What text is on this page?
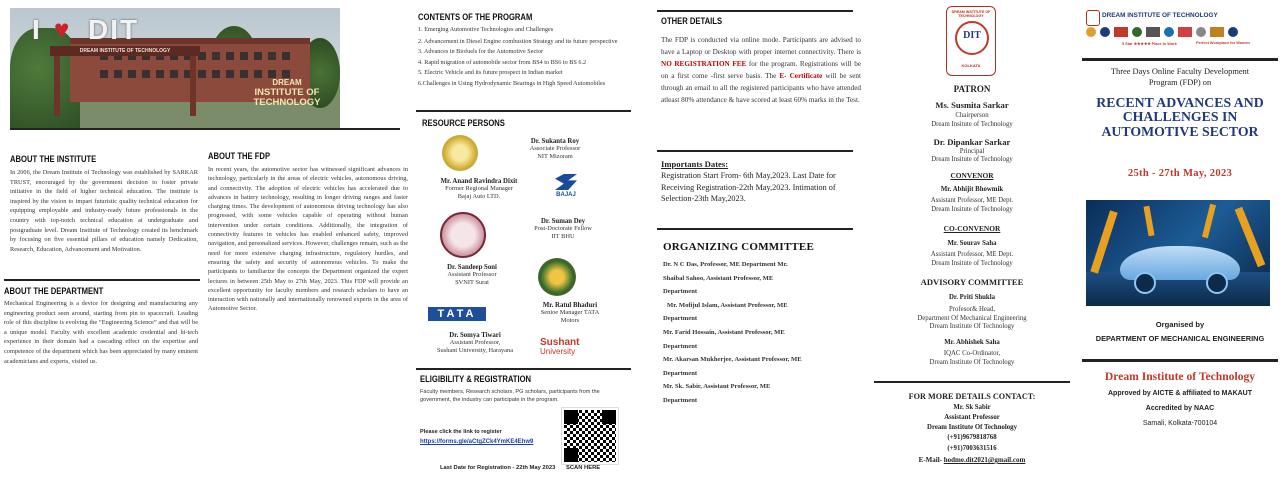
DREAM INSTITUTE OF TECHNOLOGY
I ♥ DIT
DREAM
INSTITUTE OF
TECHNOLOGY
ABOUT THE INSTITUTE
In 2006, the Dream Institute of Technology was established by SARKAR TRUST, encouraged by the government decision to foster private initiative in the field of higher technical education. The institute is inspired by the vision to impart futuristic quality technical education for equipping employable and industry-ready future professionals in the country with top-notch technical education at undergraduate and postgraduate level. Dream Institute of Technology created its benchmark by focusing on five essential pillars of education namely Dedication, Research, Education, Advancement and Motivation.
ABOUT THE DEPARTMENT
Mechanical Engineering is a device for designing and manufacturing any engineering product seen around, starting from pin to spacecraft. Leading role of this discipline is evolving the “Engineering Science” and that will be a unique model. Faculty with excellent academic credential and hi-tech experience in their domain had a cascading effect on the expertise and competence of the department which has been appreciated by many eminent academicians and experts, visited us.
ABOUT THE FDP
In recent years, the automotive sector has witnessed significant advances in technology, particularly in the areas of electric vehicles, autonomous driving, and connectivity. The adoption of electric vehicles has accelerated due to advances in battery technology, resulting in longer driving ranges and faster charging times. The development of autonomous driving technology has also progressed, with some vehicles capable of operating without human intervention under certain conditions. Additionally, the integration of connectivity features in vehicles has enabled enhanced safety, improved navigation, and personalized services. However, challenges remain, such as the need for more extensive charging infrastructure, regulatory hurdles, and ensuring the safety and security of autonomous vehicles. To make the participants to familiarize the concepts the Department organized the expert lectures in between 25th May to 27th May, 2023. This FDP will provide an excellent opportunity for faculty members and research scholars to have an interaction with nationally and internationally renowned experts in the area of Automotive Sector.
CONTENTS OF THE PROGRAM
1. Emerging Automotive Technologies and Challenges
2. Advancement in Diesel Engine combustion Strategy and its future perspective
3. Advances in Biofuels for the Automotive Sector
4. Rapid migration of automobile sector from BS4 to BS6 to BS 6.2
5. Electric Vehicle and its future prospect in Indian market
6.Challenges in Using Hydrodynamic Bearings in High Speed Automobiles
RESOURCE PERSONS
BAJAJ
TATA
Sushant
University
Dr. Sukanta Roy
Associate Professor
NIT Mizoram
Mr. Anand Ravindra Dixit
Former Regional Manager
Bajaj Auto LTD.
Dr. Suman Dey
Post-Doctorate Fellow
IIT BHU
Dr. Sandeep Soni
Assistant Professor
SVNIT Surat
Mr. Ratul Bhaduri
Senioe Manager TATA
Motors
Dr. Somya Tiwari
Assistant Professor,
Sushant University, Harayana
ELIGIBILITY & REGISTRATION
Faculty members, Research scholars, PG scholars, participants from the government, the industry can participate in the program.
Please click the link to register
https://forms.gle/aCtgZCk4YmKE4Ehw9
Last Date for Registration - 22th May 2023 SCAN HERE
OTHER DETAILS
The FDP is conducted via online mode. Participants are advised to have a Laptop or Desktop with proper internet connectivity. There is NO REGISTRATION FEE for the program. Registrations will be on a first come -first serve basis. The E- Certificate will be sent through an email to all the registered participants who have attended atleast 80% attendance & have scored at least 60% marks in the Test.
Importants Dates:
Registration Start From- 6th May,2023. Last Date for Receiving Registration-22th May,2023. Intimation of Selection-23th May,2023.
ORGANIZING COMMITTEE
Dr. N C Das, Professor, ME Department Mr.
Shaibal Sahoo, Assistant Professor, ME
Department
Mr. Mofijul Islam, Assistant Professor, ME
Department
Mr. Farid Hossain, Assistant Professor, ME
Department
Mr. Akarsan Mukherjee, Assistant Professor, ME
Department
Mr. Sk. Sabir, Assistant Professor, ME
Department
DREAM INSTITUTE OF TECHNOLOGY
DIT
KOLKATA
PATRON
Ms. Susmita Sarkar
Chairperson
Dream Insitute of Technology
Dr. Dipankar Sarkar
Principal
Dream Insitute of Technology
CONVENOR
Mr. Abhijit Bhowmik
Assistant Professor, ME Dept.
Dream Insitute of Technology
CO-CONVENOR
Mr. Sourav Saha
Assistant Professor, ME Dept.
Dream Insitute of Technology
ADVISORY COMMITTEE
Dr. Priti Shukla
Profesor& Head,
Department Of Mechanical Engineering
Dream Institute Of Technology
Mr. Abhishek Saha
IQAC Co-Ordinator,
Dream Institute Of Technology
FOR MORE DETAILS CONTACT:
Mr. Sk Sabir
Assistant Professor
Dream Institute Of Technology
(+91)9679818768
(+91)7003631516
E-Mail- hodme.dit2021@gmail.com
DREAM INSTITUTE OF TECHNOLOGY
5 Star ★★★★★ Place to Work	Perfect Workplace for Women
Three Days Online Faculty Development Program (FDP) on
RECENT ADVANCES AND CHALLENGES IN AUTOMOTIVE SECTOR
25th - 27th May, 2023
Organised by
DEPARTMENT OF MECHANICAL ENGINEERING
Dream Institute of Technology
Approved by AICTE & affiliated to MAKAUT
Accredited by NAAC
Samali, Kolkata-700104
